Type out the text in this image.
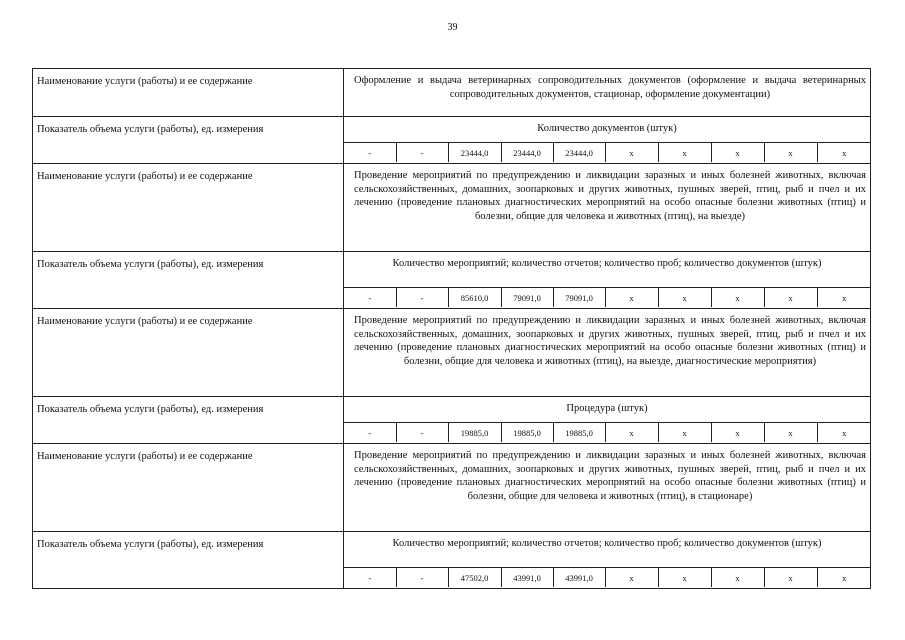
39
Наименование услуги (работы) и ее содержание	Оформление и выдача ветеринарных сопроводительных документов (оформление и выдача ветеринарных сопроводительных документов, стационар, оформление документации)
Показатель объема услуги (работы), ед. измерения	Количество документов (штук)

-	-	23444,0	23444,0	23444,0	x	x	x	x	x

Наименование услуги (работы) и ее содержание	Проведение мероприятий по предупреждению и ликвидации заразных и иных болезней животных, включая сельскохозяйственных, домашних, зоопарковых и других животных, пушных зверей, птиц, рыб и пчел и их лечению (проведение плановых диагностических мероприятий на особо опасные болезни животных (птиц) и болезни, общие для человека и животных (птиц), на выезде)
Показатель объема услуги (работы), ед. измерения	Количество мероприятий; количество отчетов; количество проб; количество документов (штук)

-	-	85610,0	79091,0	79091,0	x	x	x	x	x

Наименование услуги (работы) и ее содержание	Проведение мероприятий по предупреждению и ликвидации заразных и иных болезней животных, включая сельскохозяйственных, домашних, зоопарковых и других животных, пушных зверей, птиц, рыб и пчел и их лечению (проведение плановых диагностических мероприятий на особо опасные болезни животных (птиц) и болезни, общие для человека и животных (птиц), на выезде, диагностические мероприятия)
Показатель объема услуги (работы), ед. измерения	Процедура (штук)

-	-	19885,0	19885,0	19885,0	x	x	x	x	x

Наименование услуги (работы) и ее содержание	Проведение мероприятий по предупреждению и ликвидации заразных и иных болезней животных, включая сельскохозяйственных, домашних, зоопарковых и других животных, пушных зверей, птиц, рыб и пчел и их лечению (проведение плановых диагностических мероприятий на особо опасные болезни животных (птиц) и болезни, общие для человека и животных (птиц), в стационаре)
Показатель объема услуги (работы), ед. измерения	Количество мероприятий; количество отчетов; количество проб; количество документов (штук)

-	-	47502,0	43991,0	43991,0	x	x	x	x	x
